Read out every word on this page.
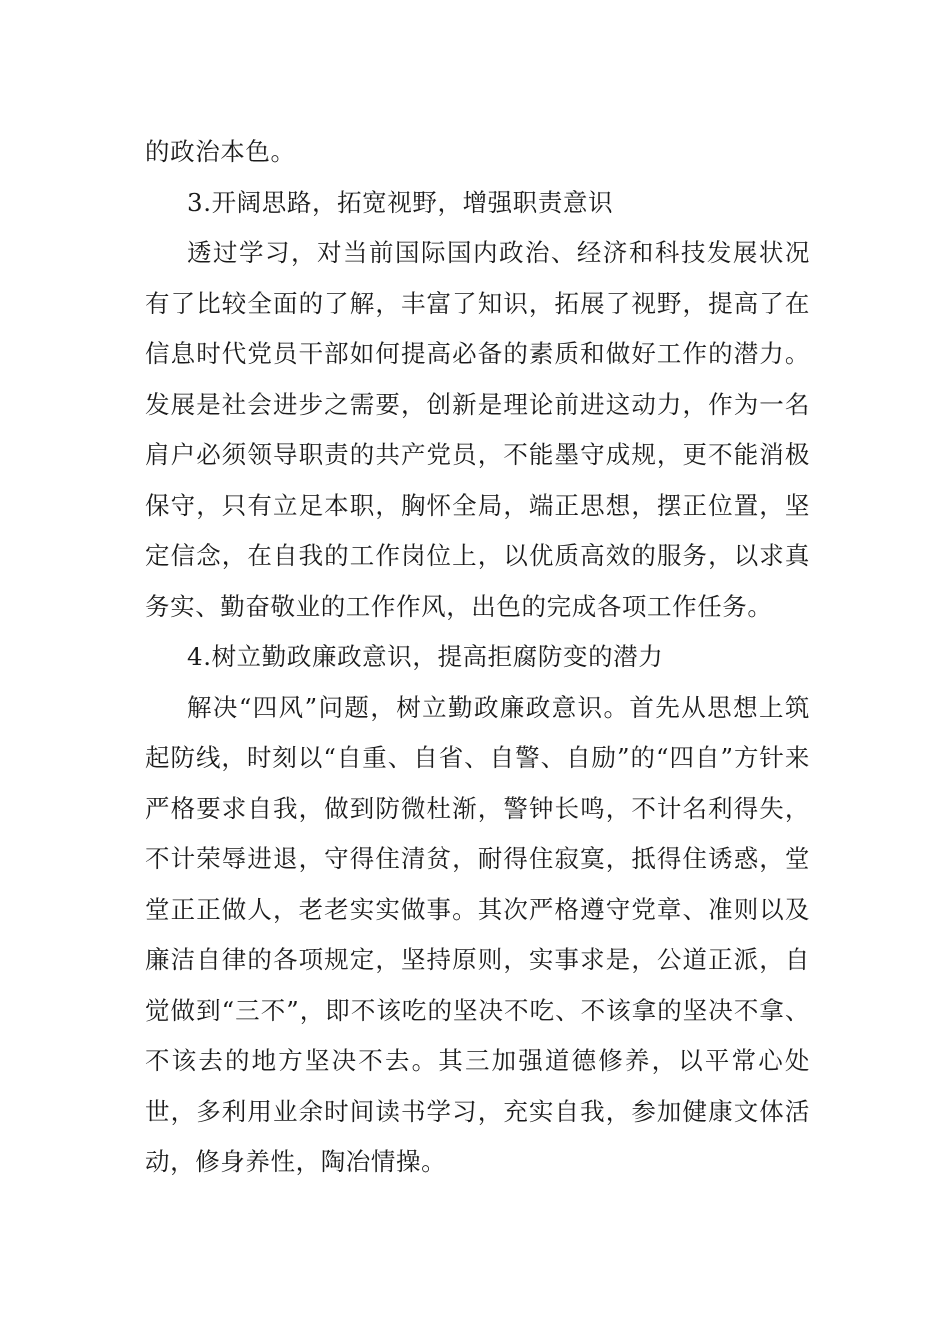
的政治本色。

3.开阔思路，拓宽视野，增强职责意识

透过学习，对当前国际国内政治、经济和科技发展状况有了比较全面的了解，丰富了知识，拓展了视野，提高了在信息时代党员干部如何提高必备的素质和做好工作的潜力。发展是社会进步之需要，创新是理论前进这动力，作为一名肩户必须领导职责的共产党员，不能墨守成规，更不能消极保守，只有立足本职，胸怀全局，端正思想，摆正位置，坚定信念，在自我的工作岗位上，以优质高效的服务，以求真务实、勤奋敬业的工作作风，出色的完成各项工作任务。

4.树立勤政廉政意识，提高拒腐防变的潜力

解决“四风”问题，树立勤政廉政意识。首先从思想上筑起防线，时刻以“自重、自省、自警、自励”的“四自”方针来严格要求自我，做到防微杜渐，警钟长鸣，不计名利得失，不计荣辱进退，守得住清贫，耐得住寂寞，抵得住诱惑，堂堂正正做人，老老实实做事。其次严格遵守党章、准则以及廉洁自律的各项规定，坚持原则，实事求是，公道正派，自觉做到“三不”，即不该吃的坚决不吃、不该拿的坚决不拿、不该去的地方坚决不去。其三加强道德修养，以平常心处世，多利用业余时间读书学习，充实自我，参加健康文体活动，修身养性，陶冶情操。
